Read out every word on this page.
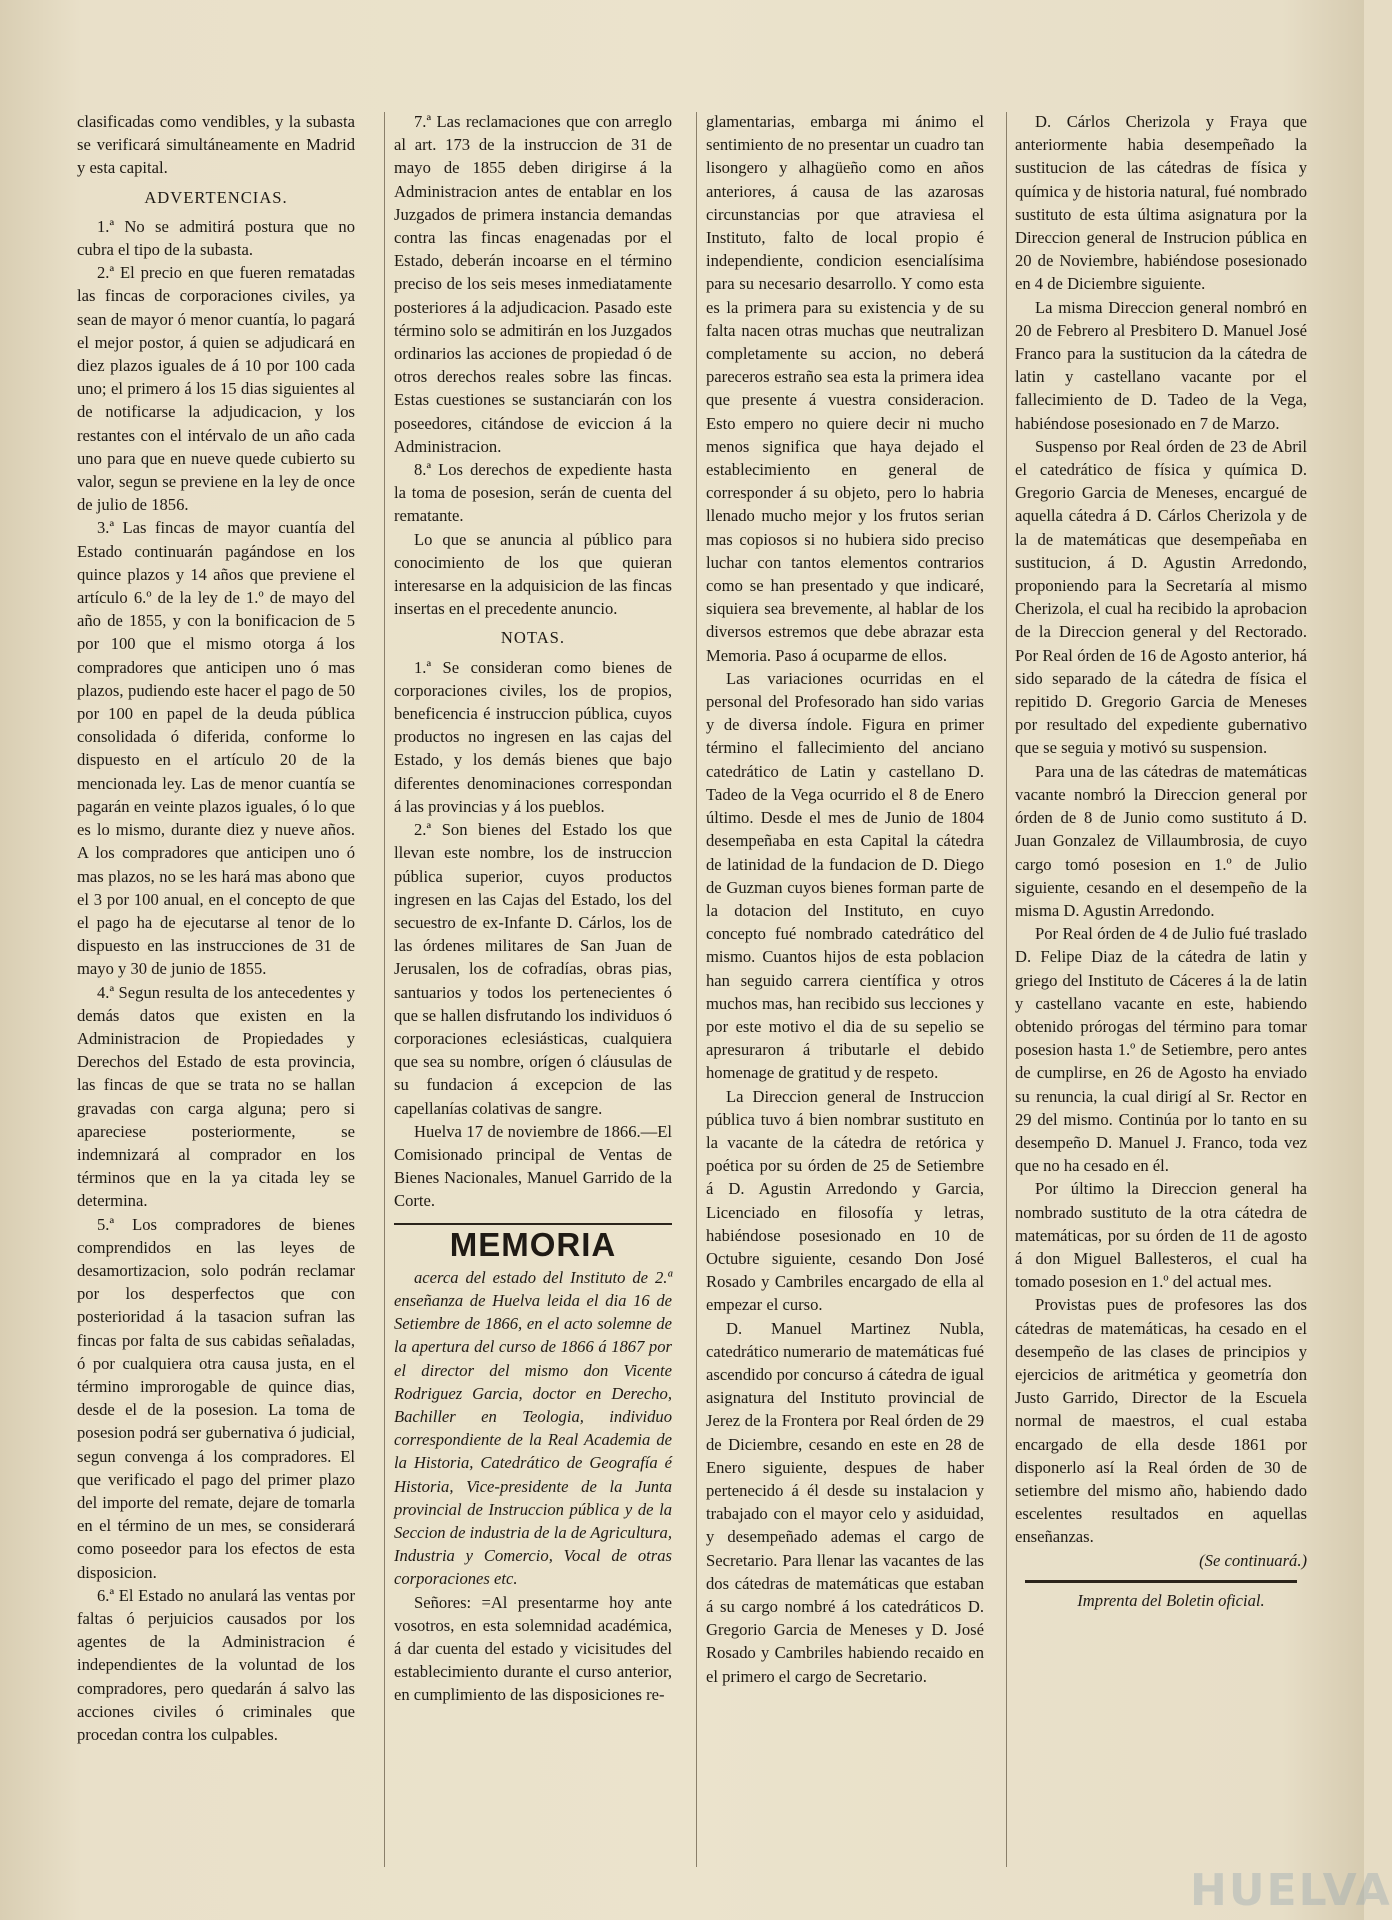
clasificadas como vendibles, y la subasta se verificará simultáneamente en Madrid y esta capital.

ADVERTENCIAS.

1.ª No se admitirá postura que no cubra el tipo de la subasta.

2.ª El precio en que fueren rematadas las fincas de corporaciones civiles, ya sean de mayor ó menor cuantía, lo pagará el mejor postor, á quien se adjudicará en diez plazos iguales de á 10 por 100 cada uno; el primero á los 15 dias siguientes al de notificarse la adjudicacion, y los restantes con el intérvalo de un año cada uno para que en nueve quede cubierto su valor, segun se previene en la ley de once de julio de 1856.

3.ª Las fincas de mayor cuantía del Estado continuarán pagándose en los quince plazos y 14 años que previene el artículo 6.º de la ley de 1.º de mayo del año de 1855, y con la bonificacion de 5 por 100 que el mismo otorga á los compradores que anticipen uno ó mas plazos, pudiendo este hacer el pago de 50 por 100 en papel de la deuda pública consolidada ó diferida, conforme lo dispuesto en el artículo 20 de la mencionada ley. Las de menor cuantía se pagarán en veinte plazos iguales, ó lo que es lo mismo, durante diez y nueve años. A los compradores que anticipen uno ó mas plazos, no se les hará mas abono que el 3 por 100 anual, en el concepto de que el pago ha de ejecutarse al tenor de lo dispuesto en las instrucciones de 31 de mayo y 30 de junio de 1855.

4.ª Segun resulta de los antecedentes y demás datos que existen en la Administracion de Propiedades y Derechos del Estado de esta provincia, las fincas de que se trata no se hallan gravadas con carga alguna; pero si apareciese posteriormente, se indemnizará al comprador en los términos que en la ya citada ley se determina.

5.ª Los compradores de bienes comprendidos en las leyes de desamortizacion, solo podrán reclamar por los desperfectos que con posterioridad á la tasacion sufran las fincas por falta de sus cabidas señaladas, ó por cualquiera otra causa justa, en el término improrogable de quince dias, desde el de la posesion. La toma de posesion podrá ser gubernativa ó judicial, segun convenga á los compradores. El que verificado el pago del primer plazo del importe del remate, dejare de tomarla en el término de un mes, se considerará como poseedor para los efectos de esta disposicion.

6.ª El Estado no anulará las ventas por faltas ó perjuicios causados por los agentes de la Administracion é independientes de la voluntad de los compradores, pero quedarán á salvo las acciones civiles ó criminales que procedan contra los culpables.

7.ª Las reclamaciones que con arreglo al art. 173 de la instruccion de 31 de mayo de 1855 deben dirigirse á la Administracion antes de entablar en los Juzgados de primera instancia demandas contra las fincas enagenadas por el Estado, deberán incoarse en el término preciso de los seis meses inmediatamente posteriores á la adjudicacion. Pasado este término solo se admitirán en los Juzgados ordinarios las acciones de propiedad ó de otros derechos reales sobre las fincas. Estas cuestiones se sustanciarán con los poseedores, citándose de eviccion á la Administracion.

8.ª Los derechos de expediente hasta la toma de posesion, serán de cuenta del rematante.

Lo que se anuncia al público para conocimiento de los que quieran interesarse en la adquisicion de las fincas insertas en el precedente anuncio.

NOTAS.

1.ª Se consideran como bienes de corporaciones civiles, los de propios, beneficencia é instruccion pública, cuyos productos no ingresen en las cajas del Estado, y los demás bienes que bajo diferentes denominaciones correspondan á las provincias y á los pueblos.

2.ª Son bienes del Estado los que llevan este nombre, los de instruccion pública superior, cuyos productos ingresen en las Cajas del Estado, los del secuestro de ex-Infante D. Cárlos, los de las órdenes militares de San Juan de Jerusalen, los de cofradías, obras pias, santuarios y todos los pertenecientes ó que se hallen disfrutando los individuos ó corporaciones eclesiásticas, cualquiera que sea su nombre, orígen ó cláusulas de su fundacion á excepcion de las capellanías colativas de sangre.

Huelva 17 de noviembre de 1866.—El Comisionado principal de Ventas de Bienes Nacionales, Manuel Garrido de la Corte.

MEMORIA

acerca del estado del Instituto de 2.ª enseñanza de Huelva leida el dia 16 de Setiembre de 1866, en el acto solemne de la apertura del curso de 1866 á 1867 por el director del mismo don Vicente Rodriguez Garcia, doctor en Derecho, Bachiller en Teologia, individuo correspondiente de la Real Academia de la Historia, Catedrático de Geografía é Historia, Vice-presidente de la Junta provincial de Instruccion pública y de la Seccion de industria de la de Agricultura, Industria y Comercio, Vocal de otras corporaciones etc.

Señores: =Al presentarme hoy ante vosotros, en esta solemnidad académica, á dar cuenta del estado y vicisitudes del establecimiento durante el curso anterior, en cumplimiento de las disposiciones re-

glamentarias, embarga mi ánimo el sentimiento de no presentar un cuadro tan lisongero y alhagüeño como en años anteriores, á causa de las azarosas circunstancias por que atraviesa el Instituto, falto de local propio é independiente, condicion esencialísima para su necesario desarrollo. Y como esta es la primera para su existencia y de su falta nacen otras muchas que neutralizan completamente su accion, no deberá pareceros estraño sea esta la primera idea que presente á vuestra consideracion. Esto empero no quiere decir ni mucho menos significa que haya dejado el establecimiento en general de corresponder á su objeto, pero lo habria llenado mucho mejor y los frutos serian mas copiosos si no hubiera sido preciso luchar con tantos elementos contrarios como se han presentado y que indicaré, siquiera sea brevemente, al hablar de los diversos estremos que debe abrazar esta Memoria. Paso á ocuparme de ellos.

Las variaciones ocurridas en el personal del Profesorado han sido varias y de diversa índole. Figura en primer término el fallecimiento del anciano catedrático de Latin y castellano D. Tadeo de la Vega ocurrido el 8 de Enero último. Desde el mes de Junio de 1804 desempeñaba en esta Capital la cátedra de latinidad de la fundacion de D. Diego de Guzman cuyos bienes forman parte de la dotacion del Instituto, en cuyo concepto fué nombrado catedrático del mismo. Cuantos hijos de esta poblacion han seguido carrera científica y otros muchos mas, han recibido sus lecciones y por este motivo el dia de su sepelio se apresuraron á tributarle el debido homenage de gratitud y de respeto.

La Direccion general de Instruccion pública tuvo á bien nombrar sustituto en la vacante de la cátedra de retórica y poética por su órden de 25 de Setiembre á D. Agustin Arredondo y Garcia, Licenciado en filosofía y letras, habiéndose posesionado en 10 de Octubre siguiente, cesando Don José Rosado y Cambriles encargado de ella al empezar el curso.

D. Manuel Martinez Nubla, catedrático numerario de matemáticas fué ascendido por concurso á cátedra de igual asignatura del Instituto provincial de Jerez de la Frontera por Real órden de 29 de Diciembre, cesando en este en 28 de Enero siguiente, despues de haber pertenecido á él desde su instalacion y trabajado con el mayor celo y asiduidad, y desempeñado ademas el cargo de Secretario. Para llenar las vacantes de las dos cátedras de matemáticas que estaban á su cargo nombré á los catedráticos D. Gregorio Garcia de Meneses y D. José Rosado y Cambriles habiendo recaido en el primero el cargo de Secretario.

D. Cárlos Cherizola y Fraya que anteriormente habia desempeñado la sustitucion de las cátedras de física y química y de historia natural, fué nombrado sustituto de esta última asignatura por la Direccion general de Instrucion pública en 20 de Noviembre, habiéndose posesionado en 4 de Diciembre siguiente.

La misma Direccion general nombró en 20 de Febrero al Presbitero D. Manuel José Franco para la sustitucion da la cátedra de latin y castellano vacante por el fallecimiento de D. Tadeo de la Vega, habiéndose posesionado en 7 de Marzo.

Suspenso por Real órden de 23 de Abril el catedrático de física y química D. Gregorio Garcia de Meneses, encargué de aquella cátedra á D. Cárlos Cherizola y de la de matemáticas que desempeñaba en sustitucion, á D. Agustin Arredondo, proponiendo para la Secretaría al mismo Cherizola, el cual ha recibido la aprobacion de la Direccion general y del Rectorado. Por Real órden de 16 de Agosto anterior, há sido separado de la cátedra de física el repitido D. Gregorio Garcia de Meneses por resultado del expediente gubernativo que se seguia y motivó su suspension.

Para una de las cátedras de matemáticas vacante nombró la Direccion general por órden de 8 de Junio como sustituto á D. Juan Gonzalez de Villaumbrosia, de cuyo cargo tomó posesion en 1.º de Julio siguiente, cesando en el desempeño de la misma D. Agustin Arredondo.

Por Real órden de 4 de Julio fué traslado D. Felipe Diaz de la cátedra de latin y griego del Instituto de Cáceres á la de latin y castellano vacante en este, habiendo obtenido prórogas del término para tomar posesion hasta 1.º de Setiembre, pero antes de cumplirse, en 26 de Agosto ha enviado su renuncia, la cual dirigí al Sr. Rector en 29 del mismo. Continúa por lo tanto en su desempeño D. Manuel J. Franco, toda vez que no ha cesado en él.

Por último la Direccion general ha nombrado sustituto de la otra cátedra de matemáticas, por su órden de 11 de agosto á don Miguel Ballesteros, el cual ha tomado posesion en 1.º del actual mes.

Provistas pues de profesores las dos cátedras de matemáticas, ha cesado en el desempeño de las clases de principios y ejercicios de aritmética y geometría don Justo Garrido, Director de la Escuela normal de maestros, el cual estaba encargado de ella desde 1861 por disponerlo así la Real órden de 30 de setiembre del mismo año, habiendo dado escelentes resultados en aquellas enseñanzas.

(Se continuará.)

Imprenta del Boletin oficial.

HUELVA
